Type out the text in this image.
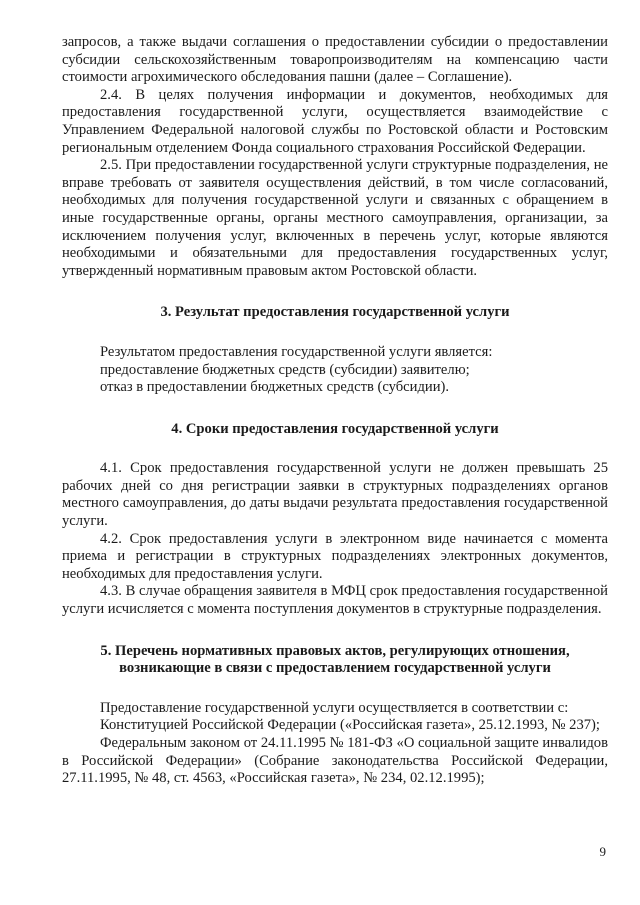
запросов, а также выдачи соглашения о предоставлении субсидии о предоставлении субсидии сельскохозяйственным товаропроизводителям на компенсацию части стоимости агрохимического обследования пашни (далее – Соглашение).

2.4. В целях получения информации и документов, необходимых для предоставления государственной услуги, осуществляется взаимодействие с Управлением Федеральной налоговой службы по Ростовской области и Ростовским региональным отделением Фонда социального страхования Российской Федерации.

2.5. При предоставлении государственной услуги структурные подразделения, не вправе требовать от заявителя осуществления действий, в том числе согласований, необходимых для получения государственной услуги и связанных с обращением в иные государственные органы, органы местного самоуправления, организации, за исключением получения услуг, включенных в перечень услуг, которые являются необходимыми и обязательными для предоставления государственных услуг, утвержденный нормативным правовым актом Ростовской области.

3. Результат предоставления государственной услуги

Результатом предоставления государственной услуги является:

предоставление бюджетных средств (субсидии) заявителю;

отказ в предоставлении бюджетных средств (субсидии).

4. Сроки предоставления государственной услуги

4.1. Срок предоставления государственной услуги не должен превышать 25 рабочих дней со дня регистрации заявки в структурных подразделениях органов местного самоуправления, до даты выдачи результата предоставления государственной услуги.

4.2. Срок предоставления услуги в электронном виде начинается с момента приема и регистрации в структурных подразделениях электронных документов, необходимых для предоставления услуги.

4.3. В случае обращения заявителя в МФЦ срок предоставления государственной услуги исчисляется с момента поступления документов в структурные подразделения.

5. Перечень нормативных правовых актов, регулирующих отношения,
возникающие в связи с предоставлением государственной услуги

Предоставление государственной услуги осуществляется в соответствии с:

Конституцией Российской Федерации («Российская газета», 25.12.1993, № 237);

Федеральным законом от 24.11.1995 № 181-ФЗ «О социальной защите инвалидов в Российской Федерации» (Собрание законодательства Российской Федерации, 27.11.1995, № 48, ст. 4563, «Российская газета», № 234, 02.12.1995);

9
